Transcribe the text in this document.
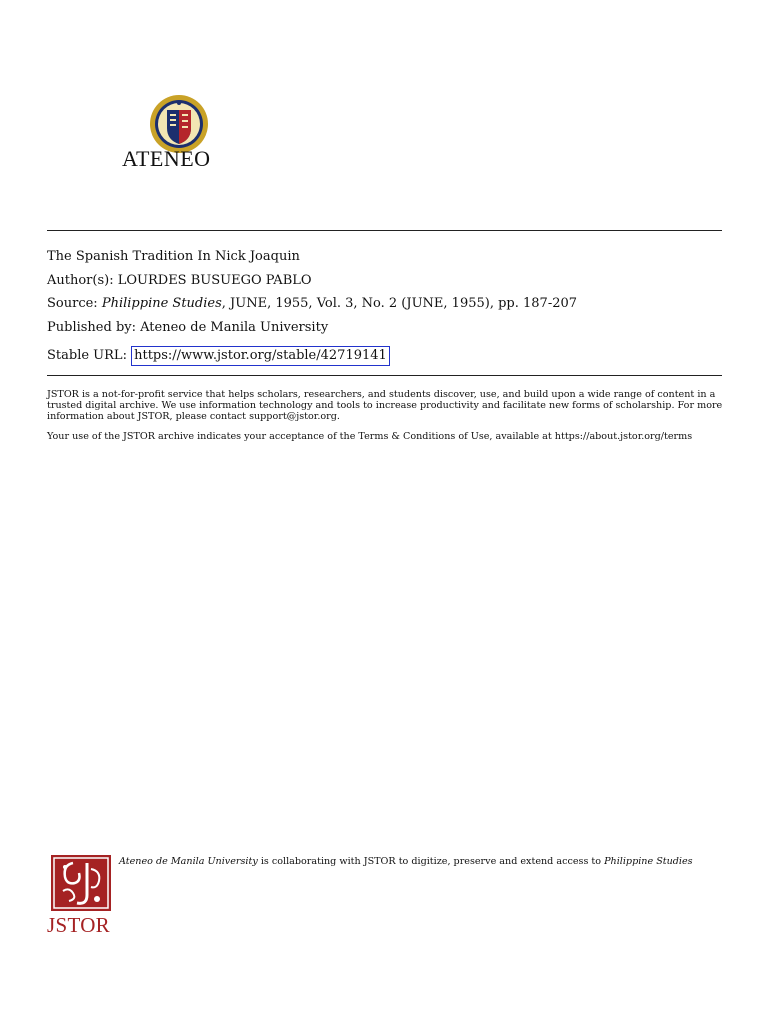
ATENEO
The Spanish Tradition In Nick Joaquin
Author(s): LOURDES BUSUEGO PABLO
Source: Philippine Studies, JUNE, 1955, Vol. 3, No. 2 (JUNE, 1955), pp. 187-207
Published by: Ateneo de Manila University
Stable URL: https://www.jstor.org/stable/42719141
JSTOR is a not-for-profit service that helps scholars, researchers, and students discover, use, and build upon a wide range of content in a trusted digital archive. We use information technology and tools to increase productivity and facilitate new forms of scholarship. For more information about JSTOR, please contact support@jstor.org.
Your use of the JSTOR archive indicates your acceptance of the Terms & Conditions of Use, available at https://about.jstor.org/terms
JSTOR
Ateneo de Manila University is collaborating with JSTOR to digitize, preserve and extend access to Philippine Studies
